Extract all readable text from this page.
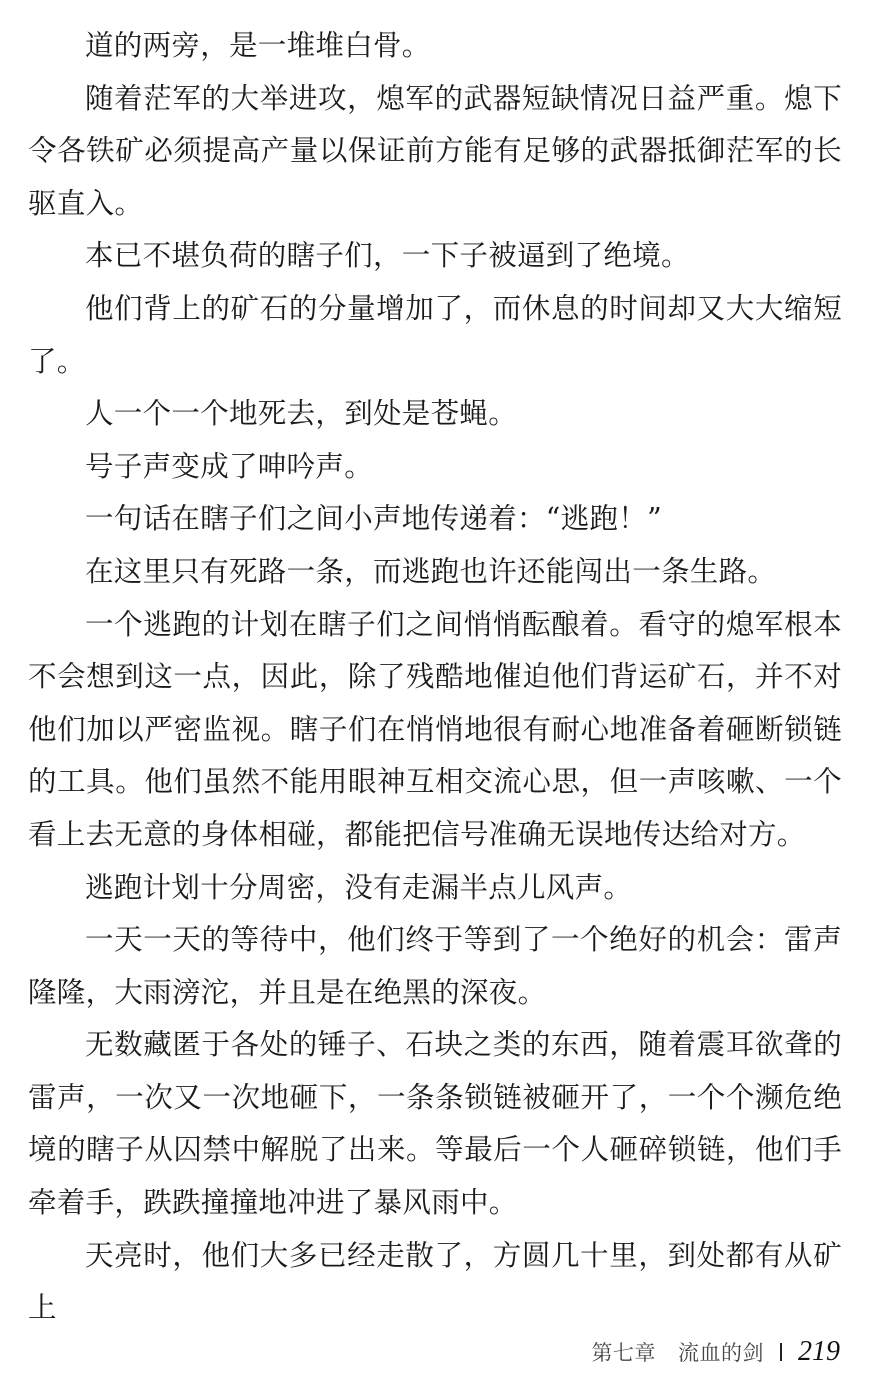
道的两旁，是一堆堆白骨。

随着茫军的大举进攻，熄军的武器短缺情况日益严重。熄下令各铁矿必须提高产量以保证前方能有足够的武器抵御茫军的长驱直入。

本已不堪负荷的瞎子们，一下子被逼到了绝境。

他们背上的矿石的分量增加了，而休息的时间却又大大缩短了。

人一个一个地死去，到处是苍蝇。

号子声变成了呻吟声。

一句话在瞎子们之间小声地传递着：“逃跑！”

在这里只有死路一条，而逃跑也许还能闯出一条生路。

一个逃跑的计划在瞎子们之间悄悄酝酿着。看守的熄军根本不会想到这一点，因此，除了残酷地催迫他们背运矿石，并不对他们加以严密监视。瞎子们在悄悄地很有耐心地准备着砸断锁链的工具。他们虽然不能用眼神互相交流心思，但一声咳嗽、一个看上去无意的身体相碰，都能把信号准确无误地传达给对方。

逃跑计划十分周密，没有走漏半点儿风声。

一天一天的等待中，他们终于等到了一个绝好的机会：雷声隆隆，大雨滂沱，并且是在绝黑的深夜。

无数藏匿于各处的锤子、石块之类的东西，随着震耳欲聋的雷声，一次又一次地砸下，一条条锁链被砸开了，一个个濒危绝境的瞎子从囚禁中解脱了出来。等最后一个人砸碎锁链，他们手牵着手，跌跌撞撞地冲进了暴风雨中。

天亮时，他们大多已经走散了，方圆几十里，到处都有从矿上

第七章 流血的剑 219
